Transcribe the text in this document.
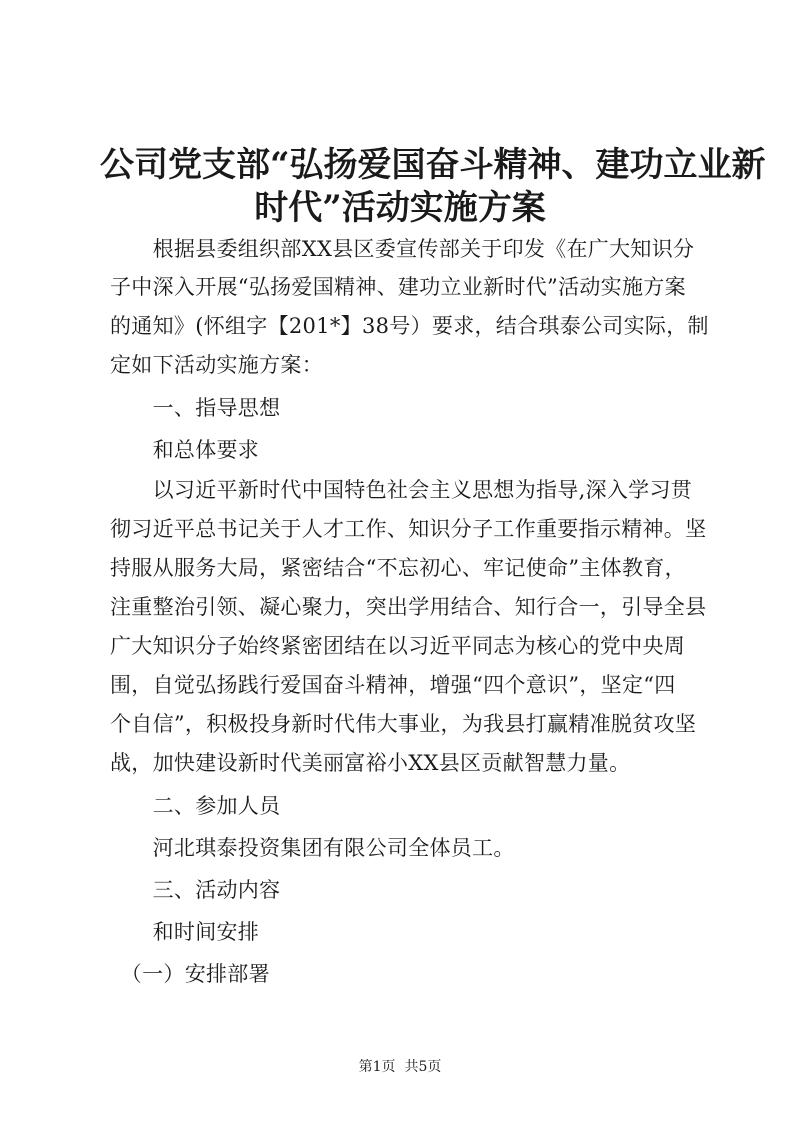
公司党支部“弘扬爱国奋斗精神、建功立业新
时代”活动实施方案

　　根据县委组织部XX县区委宣传部关于印发《在广大知识分

子中深入开展“弘扬爱国精神、建功立业新时代”活动实施方案

的通知》(怀组字【201*】38号）要求，结合琪泰公司实际，制

定如下活动实施方案：

　　一、指导思想

　　和总体要求

　　以习近平新时代中国特色社会主义思想为指导,深入学习贯

彻习近平总书记关于人才工作、知识分子工作重要指示精神。坚

持服从服务大局，紧密结合“不忘初心、牢记使命”主体教育，

注重整治引领、凝心聚力，突出学用结合、知行合一，引导全县

广大知识分子始终紧密团结在以习近平同志为核心的党中央周

围，自觉弘扬践行爱国奋斗精神，增强“四个意识”，坚定“四

个自信”，积极投身新时代伟大事业，为我县打赢精准脱贫攻坚

战，加快建设新时代美丽富裕小XX县区贡献智慧力量。

　　二、参加人员

　　河北琪泰投资集团有限公司全体员工。

　　三、活动内容

　　和时间安排

　（一）安排部署

第1页  共5页
